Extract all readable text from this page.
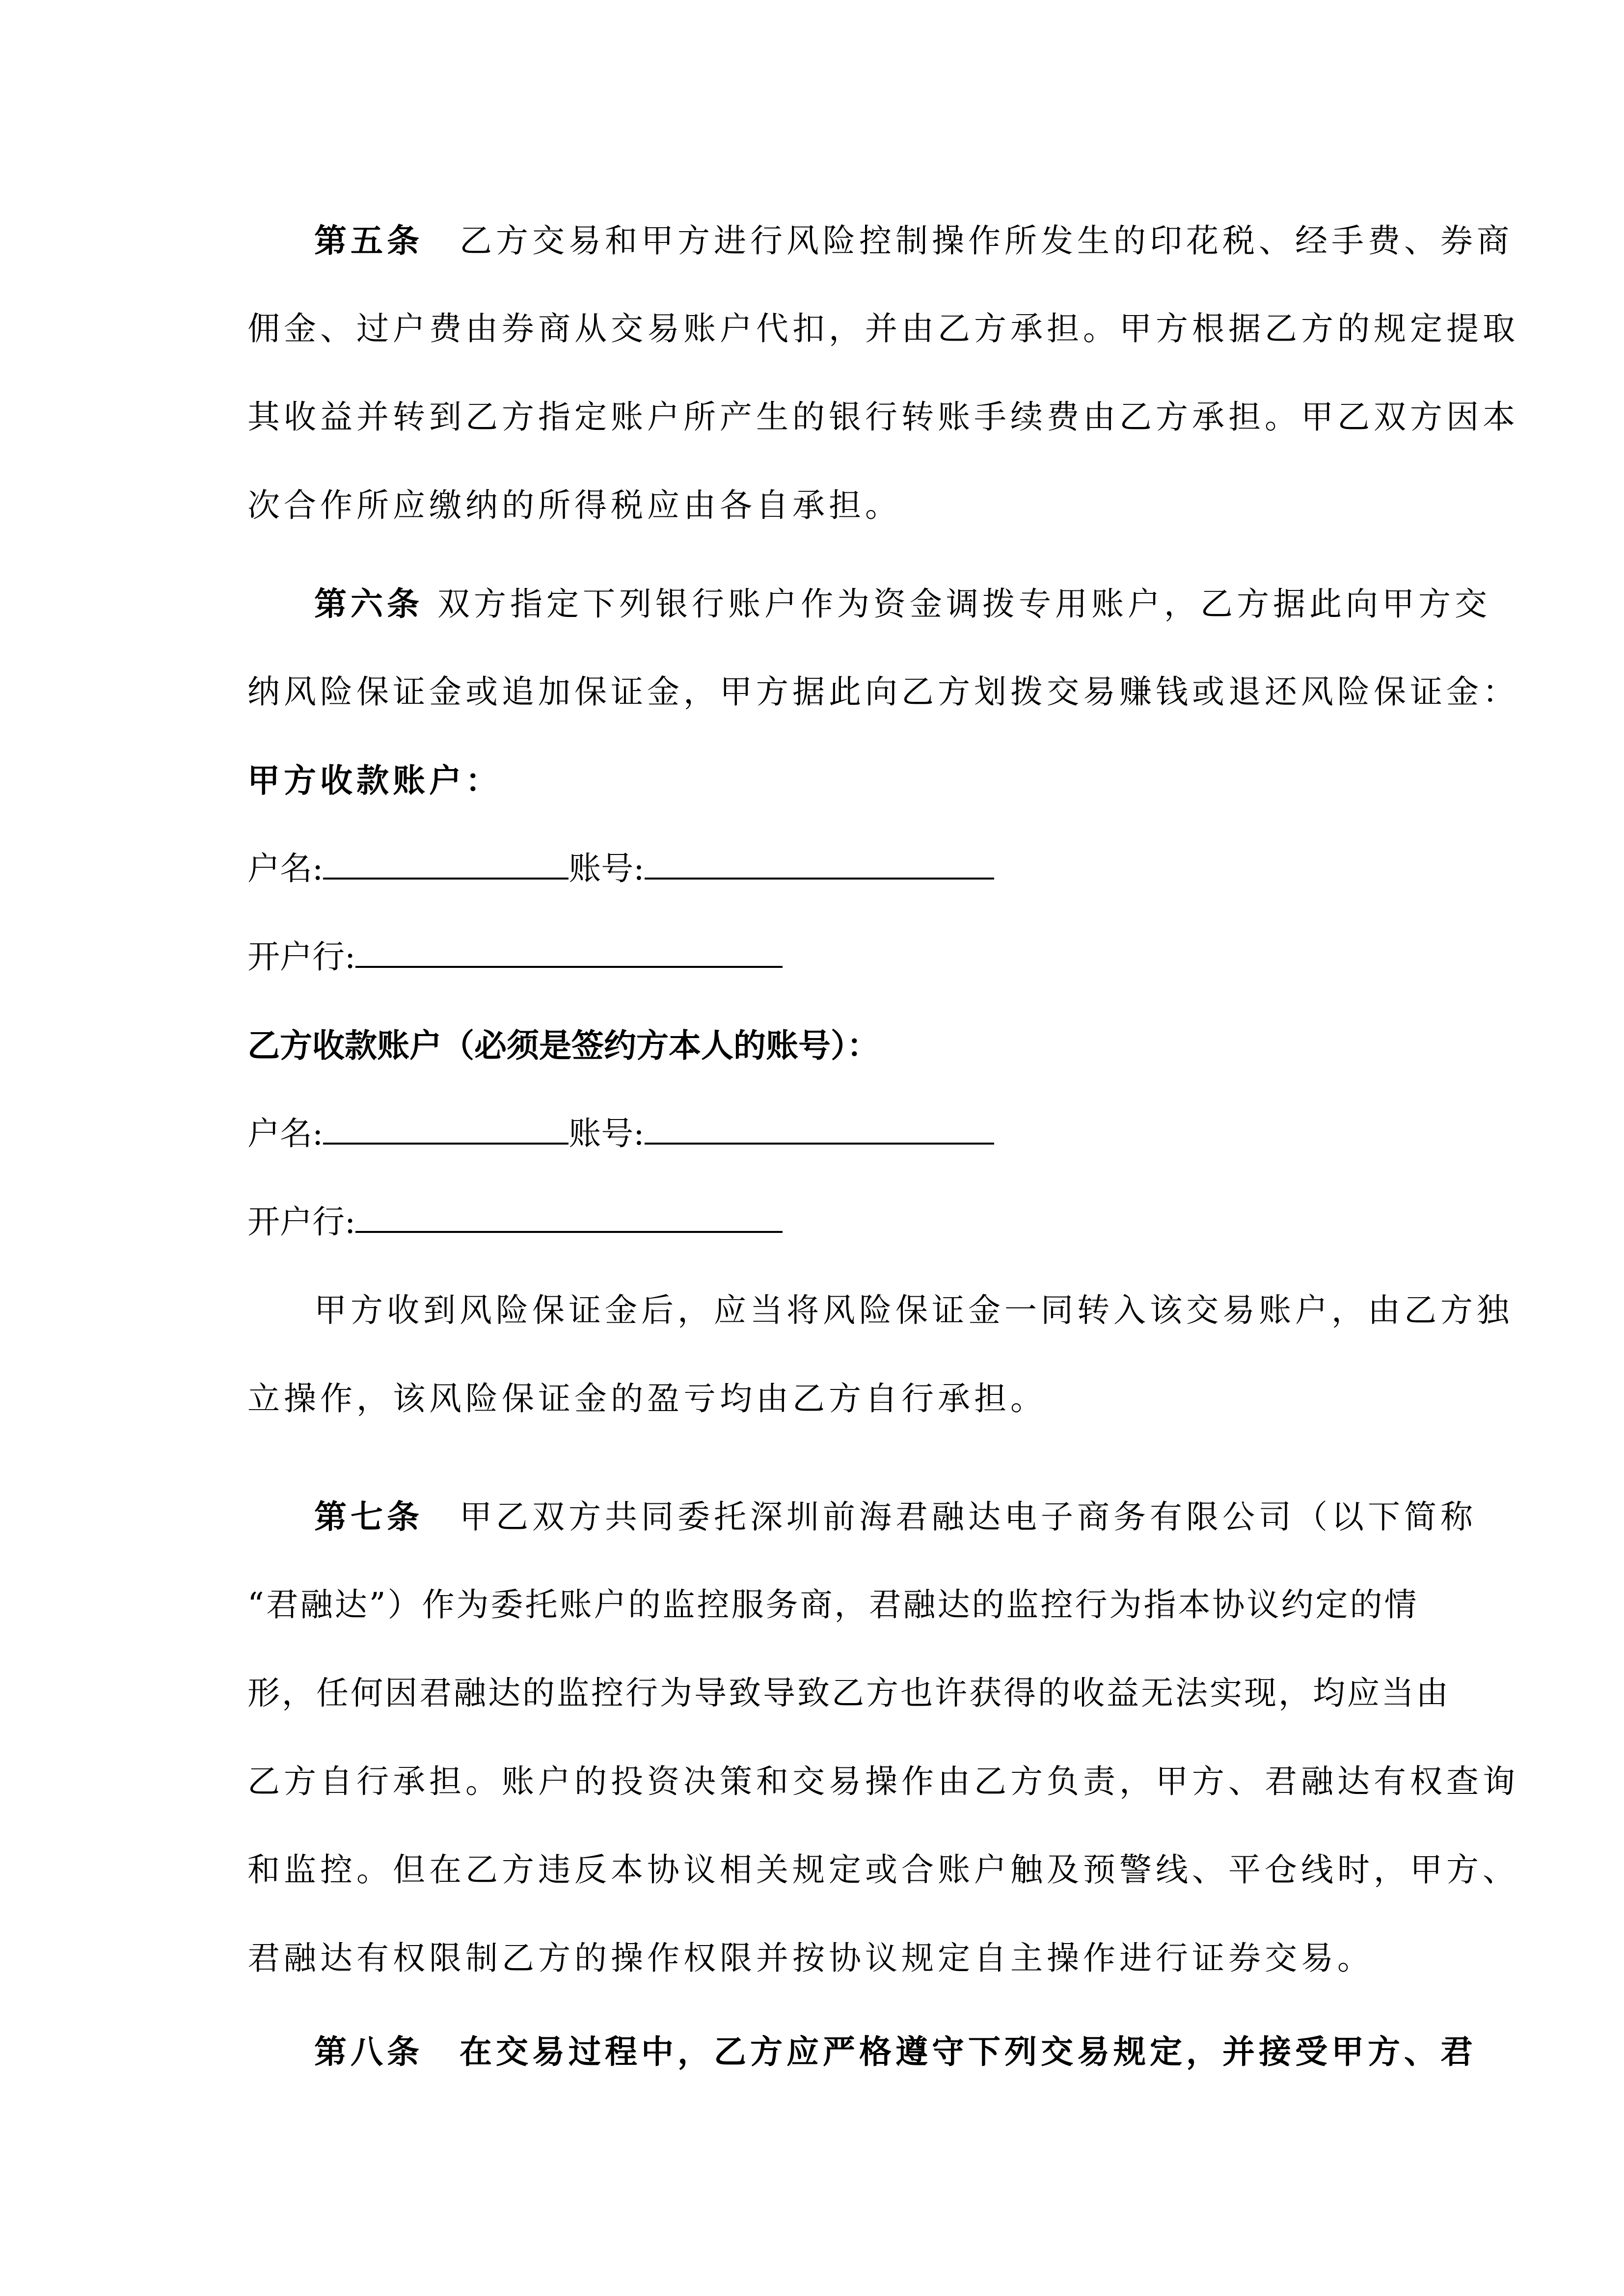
第五条　 乙方交易和甲方进行风险控制操作所发生的印花税、经手费、券商
佣金、过户费由券商从交易账户代扣，并由乙方承担。甲方根据乙方的规定提取
其收益并转到乙方指定账户所产生的银行转账手续费由乙方承担。甲乙双方因本
次合作所应缴纳的所得税应由各自承担。
第六条 双方指定下列银行账户作为资金调拨专用账户，乙方据此向甲方交
纳风险保证金或追加保证金，甲方据此向乙方划拨交易赚钱或退还风险保证金：
甲方收款账户：
户名:	账号:
开户行:
乙方收款账户（必须是签约方本人的账号）：
户名:	账号:
开户行:
甲方收到风险保证金后，应当将风险保证金一同转入该交易账户，由乙方独
立操作，该风险保证金的盈亏均由乙方自行承担。
第七条　 甲乙双方共同委托深圳前海君融达电子商务有限公司（以下简称
“君融达”）作为委托账户的监控服务商，君融达的监控行为指本协议约定的情
形，任何因君融达的监控行为导致导致乙方也许获得的收益无法实现，均应当由
乙方自行承担。账户的投资决策和交易操作由乙方负责，甲方、君融达有权查询
和监控。但在乙方违反本协议相关规定或合账户触及预警线、平仓线时，甲方、
君融达有权限制乙方的操作权限并按协议规定自主操作进行证券交易。
第八条　 在交易过程中，乙方应严格遵守下列交易规定，并接受甲方、君
